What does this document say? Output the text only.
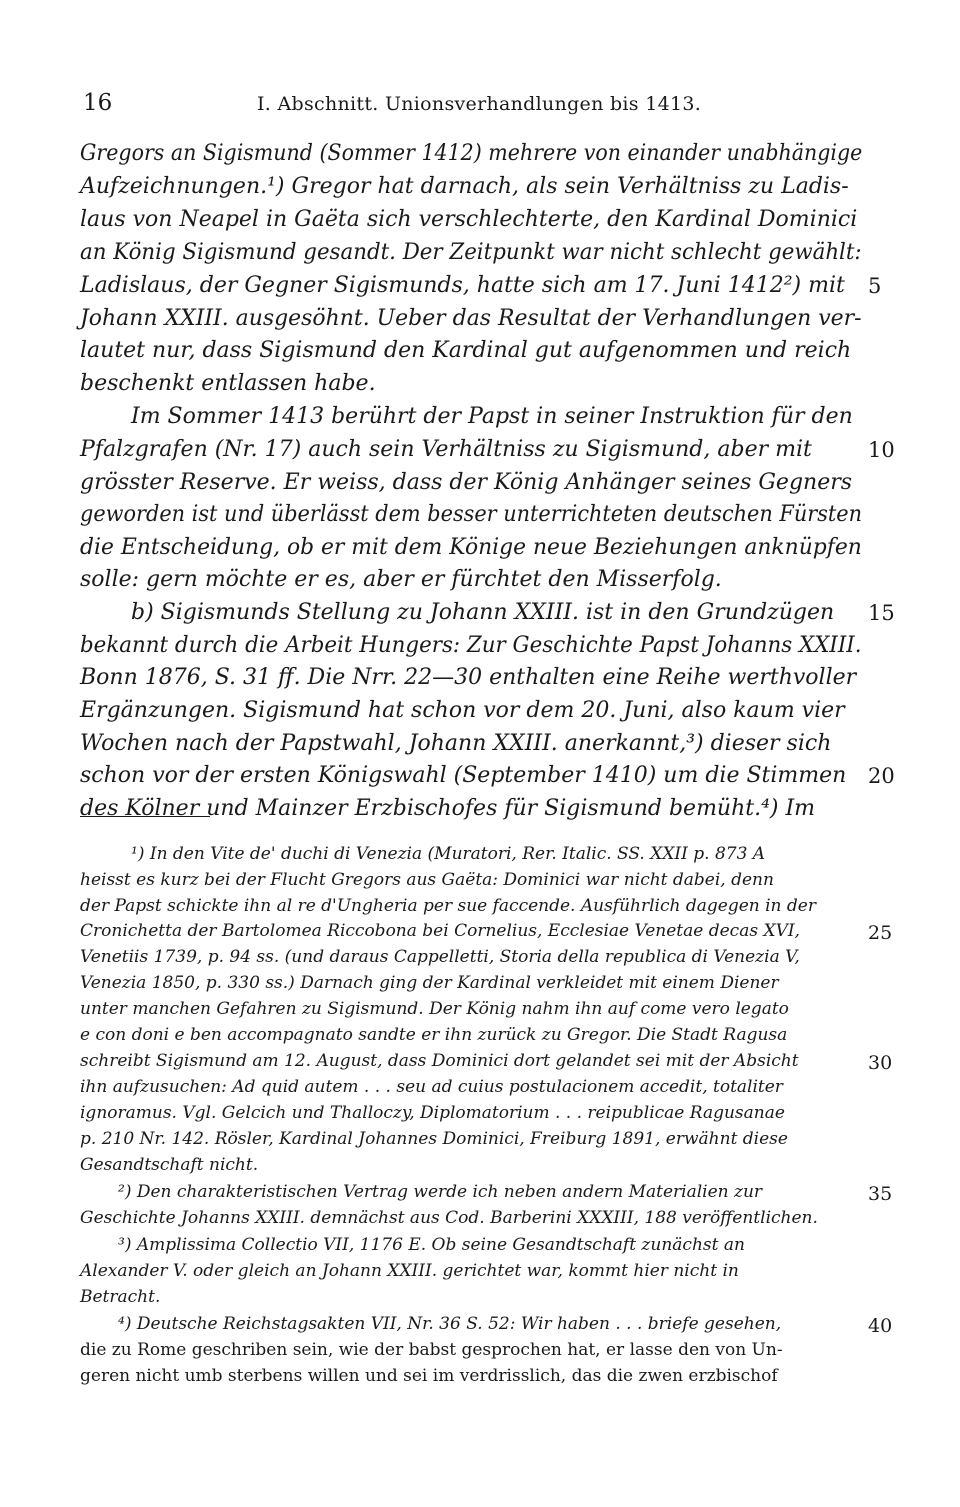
16	I. Abschnitt. Unionsverhandlungen bis 1413.
Gregors an Sigismund (Sommer 1412) mehrere von einander unabhängige
Aufzeichnungen.¹) Gregor hat darnach, als sein Verhältniss zu Ladis-
laus von Neapel in Gaëta sich verschlechterte, den Kardinal Dominici
an König Sigismund gesandt. Der Zeitpunkt war nicht schlecht gewählt:
Ladislaus, der Gegner Sigismunds, hatte sich am 17. Juni 1412²) mit
Johann XXIII. ausgesöhnt. Ueber das Resultat der Verhandlungen ver-
lautet nur, dass Sigismund den Kardinal gut aufgenommen und reich
beschenkt entlassen habe.
Im Sommer 1413 berührt der Papst in seiner Instruktion für den
Pfalzgrafen (Nr. 17) auch sein Verhältniss zu Sigismund, aber mit
grösster Reserve. Er weiss, dass der König Anhänger seines Gegners
geworden ist und überlässt dem besser unterrichteten deutschen Fürsten
die Entscheidung, ob er mit dem Könige neue Beziehungen anknüpfen
solle: gern möchte er es, aber er fürchtet den Misserfolg.
b) Sigismunds Stellung zu Johann XXIII. ist in den Grundzügen
bekannt durch die Arbeit Hungers: Zur Geschichte Papst Johanns XXIII.
Bonn 1876, S. 31 ff. Die Nrr. 22—30 enthalten eine Reihe werthvoller
Ergänzungen. Sigismund hat schon vor dem 20. Juni, also kaum vier
Wochen nach der Papstwahl, Johann XXIII. anerkannt,³) dieser sich
schon vor der ersten Königswahl (September 1410) um die Stimmen
des Kölner und Mainzer Erzbischofes für Sigismund bemüht.⁴) Im
5
10
15
20
¹) In den Vite de' duchi di Venezia (Muratori, Rer. Italic. SS. XXII p. 873 A
heisst es kurz bei der Flucht Gregors aus Gaëta: Dominici war nicht dabei, denn
der Papst schickte ihn al re d'Ungheria per sue faccende. Ausführlich dagegen in der
Cronichetta der Bartolomea Riccobona bei Cornelius, Ecclesiae Venetae decas XVI,
Venetiis 1739, p. 94 ss. (und daraus Cappelletti, Storia della republica di Venezia V,
Venezia 1850, p. 330 ss.) Darnach ging der Kardinal verkleidet mit einem Diener
unter manchen Gefahren zu Sigismund. Der König nahm ihn auf come vero legato
e con doni e ben accompagnato sandte er ihn zurück zu Gregor. Die Stadt Ragusa
schreibt Sigismund am 12. August, dass Dominici dort gelandet sei mit der Absicht
ihn aufzusuchen: Ad quid autem . . . seu ad cuius postulacionem accedit, totaliter
ignoramus. Vgl. Gelcich und Thalloczy, Diplomatorium . . . reipublicae Ragusanae
p. 210 Nr. 142. Rösler, Kardinal Johannes Dominici, Freiburg 1891, erwähnt diese
Gesandtschaft nicht.
²) Den charakteristischen Vertrag werde ich neben andern Materialien zur
Geschichte Johanns XXIII. demnächst aus Cod. Barberini XXXIII, 188 veröffentlichen.
³) Amplissima Collectio VII, 1176 E. Ob seine Gesandtschaft zunächst an
Alexander V. oder gleich an Johann XXIII. gerichtet war, kommt hier nicht in
Betracht.
⁴) Deutsche Reichstagsakten VII, Nr. 36 S. 52: Wir haben . . . briefe gesehen,
die zu Rome geschriben sein, wie der babst gesprochen hat, er lasse den von Un-
geren nicht umb sterbens willen und sei im verdrisslich, das die zwen erzbischof
25
30
35
40
